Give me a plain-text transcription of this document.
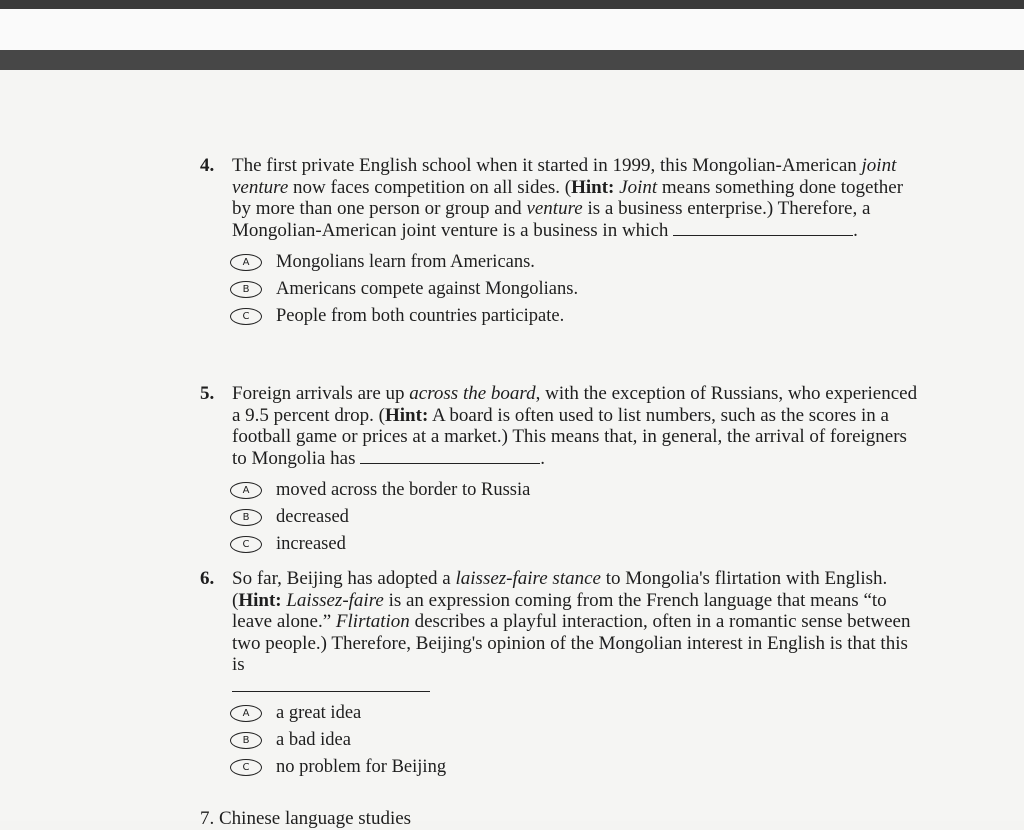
4. The first private English school when it started in 1999, this Mongolian-American joint venture now faces competition on all sides. (Hint: Joint means something done together by more than one person or group and venture is a business enterprise.) Therefore, a Mongolian-American joint venture is a business in which	.
A	Mongolians learn from Americans.
B	Americans compete against Mongolians.
C	People from both countries participate.
5. Foreign arrivals are up across the board, with the exception of Russians, who experienced a 9.5 percent drop. (Hint: A board is often used to list numbers, such as the scores in a football game or prices at a market.) This means that, in general, the arrival of foreigners to Mongolia has	.
A	moved across the border to Russia
B	decreased
C	increased
6. So far, Beijing has adopted a laissez-faire stance to Mongolia's flirtation with English. (Hint: Laissez-faire is an expression coming from the French language that means “to leave alone.” Flirtation describes a playful interaction, often in a romantic sense between two people.) Therefore, Beijing's opinion of the Mongolian interest in English is that this is
A	a great idea
B	a bad idea
C	no problem for Beijing
7. Chinese language studies
